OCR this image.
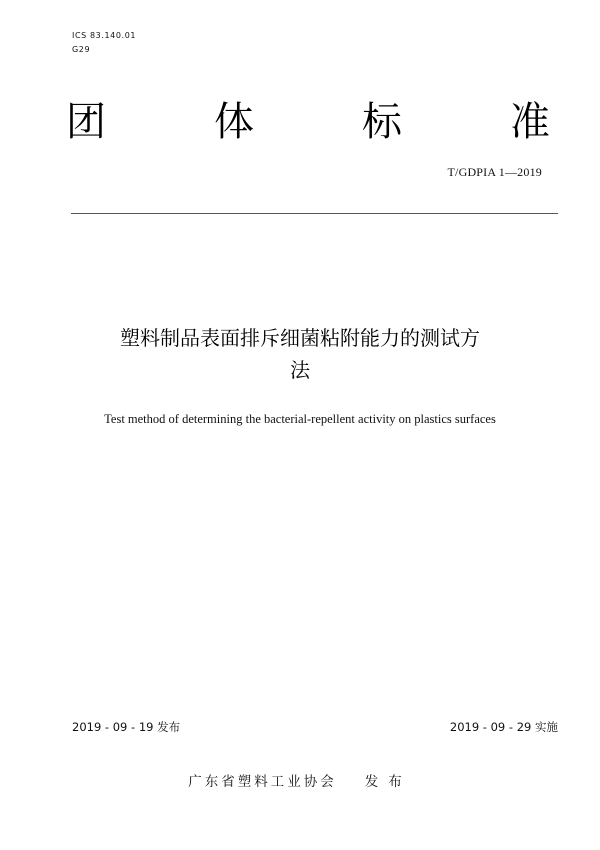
ICS 83.140.01
G29
团	体	标	准
T/GDPIA 1—2019
塑料制品表面排斥细菌粘附能力的测试方
法
Test method of determining the bacterial-repellent activity on plastics surfaces
2019 - 09 - 19 发布	2019 - 09 - 29 实施
广东省塑料工业协会 发布
